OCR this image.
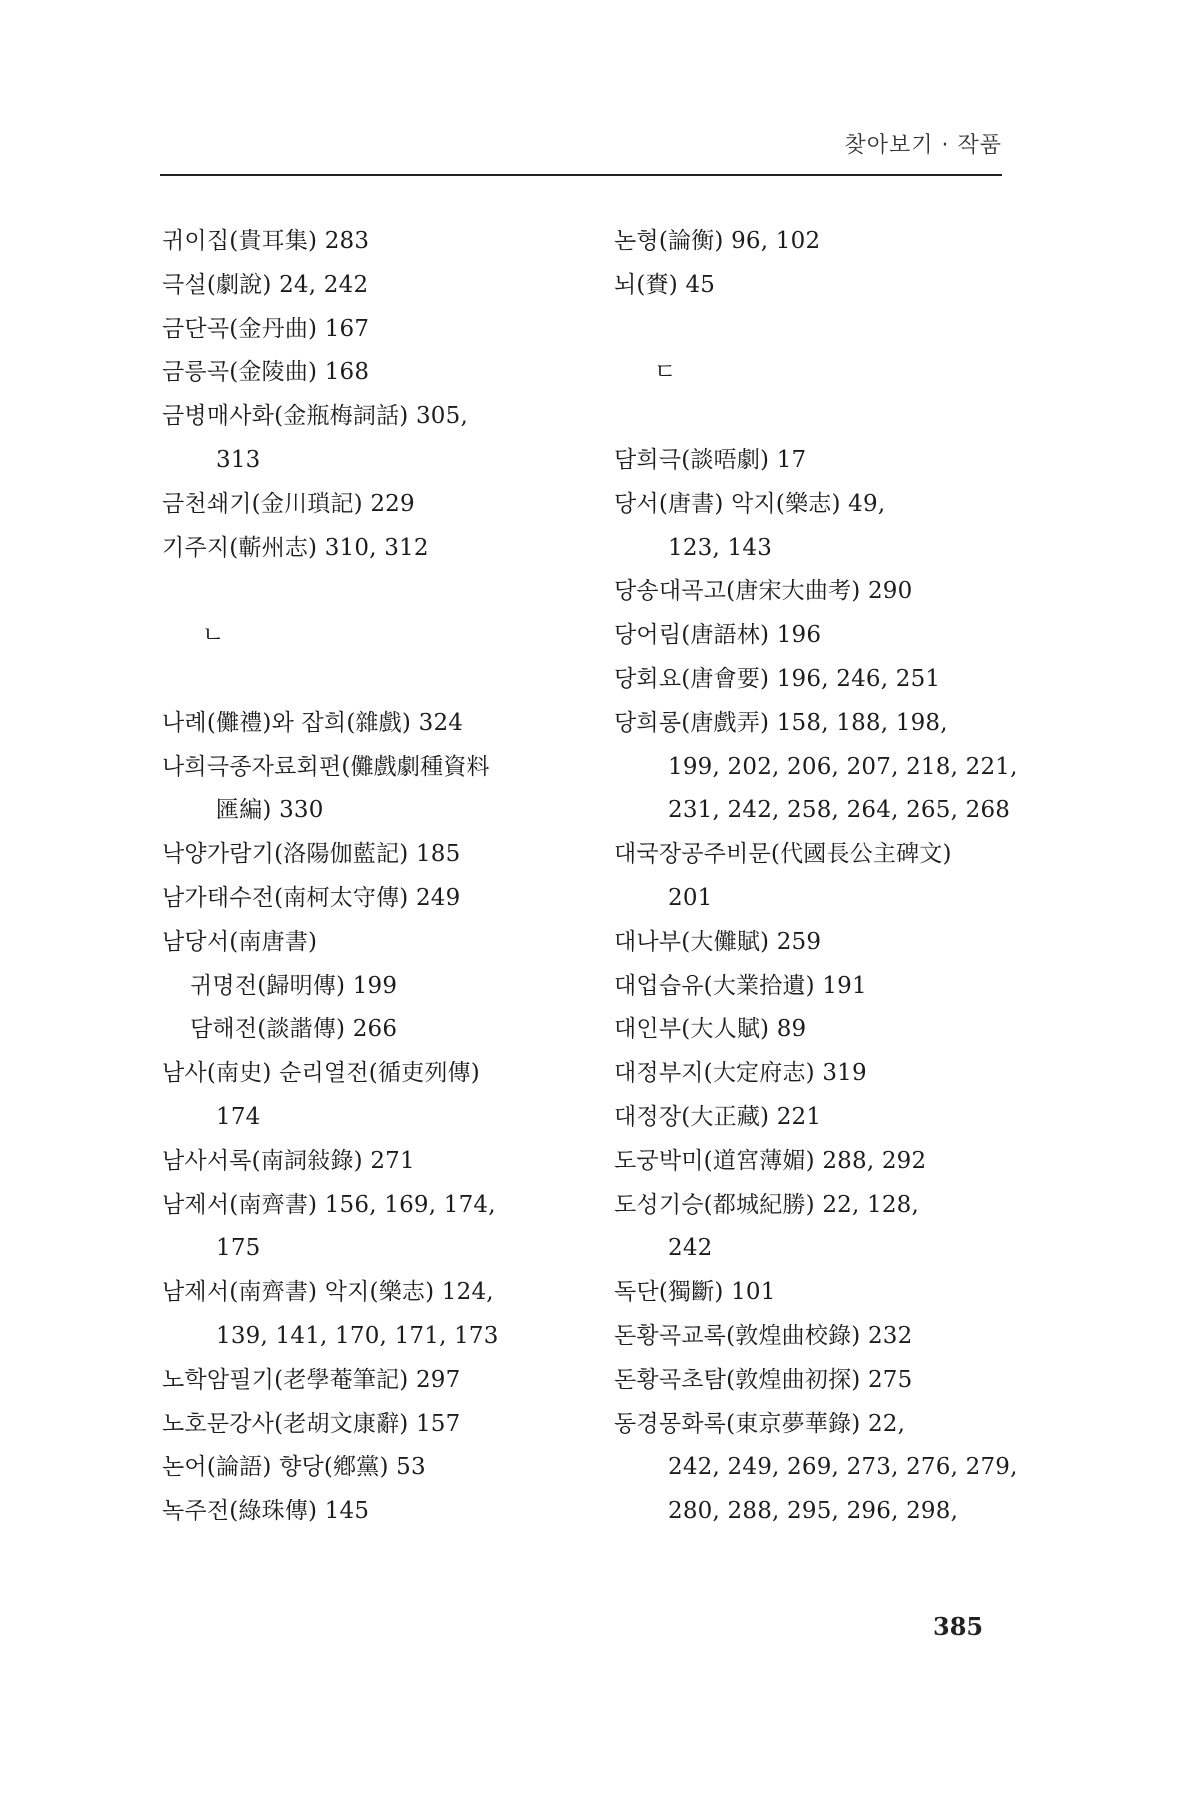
찾아보기 · 작품
귀이집(貴耳集) 283
극설(劇說) 24, 242
금단곡(金丹曲) 167
금릉곡(金陵曲) 168
금병매사화(金瓶梅詞話) 305,
313
금천쇄기(金川瑣記) 229
기주지(蘄州志) 310, 312
ㄴ
나례(儺禮)와 잡희(雜戲) 324
나희극종자료회편(儺戲劇種資料
匯編) 330
낙양가람기(洛陽伽藍記) 185
남가태수전(南柯太守傳) 249
남당서(南唐書)
귀명전(歸明傳) 199
담해전(談諧傳) 266
남사(南史) 순리열전(循吏列傳)
174
남사서록(南詞敍錄) 271
남제서(南齊書) 156, 169, 174,
175
남제서(南齊書) 악지(樂志) 124,
139, 141, 170, 171, 173
노학암필기(老學菴筆記) 297
노호문강사(老胡文康辭) 157
논어(論語) 향당(鄕黨) 53
녹주전(綠珠傳) 145
논형(論衡) 96, 102
뇌(賚) 45
ㄷ
담희극(談唔劇) 17
당서(唐書) 악지(樂志) 49,
123, 143
당송대곡고(唐宋大曲考) 290
당어림(唐語林) 196
당회요(唐會要) 196, 246, 251
당희롱(唐戲弄) 158, 188, 198,
199, 202, 206, 207, 218, 221,
231, 242, 258, 264, 265, 268
대국장공주비문(代國長公主碑文)
201
대나부(大儺賦) 259
대업습유(大業拾遺) 191
대인부(大人賦) 89
대정부지(大定府志) 319
대정장(大正藏) 221
도궁박미(道宮薄媚) 288, 292
도성기승(都城紀勝) 22, 128,
242
독단(獨斷) 101
돈황곡교록(敦煌曲校錄) 232
돈황곡초탐(敦煌曲初探) 275
동경몽화록(東京夢華錄) 22,
242, 249, 269, 273, 276, 279,
280, 288, 295, 296, 298,
385
